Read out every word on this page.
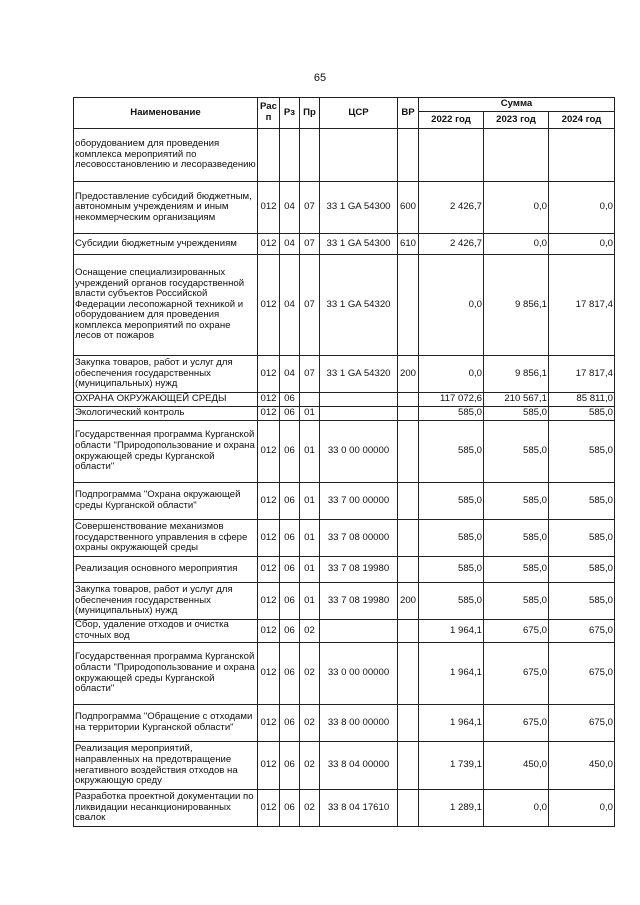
65
Наименование	Рас п	Рз	Пр	ЦСР	ВР	Сумма		
						2022 год	2023 год	2024 год
оборудованием для проведения комплекса мероприятий по лесовосстановлению и лесоразведению								
Предоставление субсидий бюджетным, автономным учреждениям и иным некоммерческим организациям	012	04	07	33 1 GA 54300	600	2 426,7	0,0	0,0
Субсидии бюджетным учреждениям	012	04	07	33 1 GA 54300	610	2 426,7	0,0	0,0
Оснащение специализированных учреждений органов государственной власти субъектов Российской Федерации лесопожарной техникой и оборудованием для проведения комплекса мероприятий по охране лесов от пожаров	012	04	07	33 1 GA 54320		0,0	9 856,1	17 817,4
Закупка товаров, работ и услуг для обеспечения государственных (муниципальных) нужд	012	04	07	33 1 GA 54320	200	0,0	9 856,1	17 817,4
ОХРАНА ОКРУЖАЮЩЕЙ СРЕДЫ	012	06				117 072,6	210 567,1	85 811,0
Экологический контроль	012	06	01			585,0	585,0	585,0
Государственная программа Курганской области "Природопользование и охрана окружающей среды Курганской области"	012	06	01	33 0 00 00000		585,0	585,0	585,0
Подпрограмма "Охрана окружающей среды Курганской области"	012	06	01	33 7 00 00000		585,0	585,0	585,0
Совершенствование механизмов государственного управления в сфере охраны окружающей среды	012	06	01	33 7 08 00000		585,0	585,0	585,0
Реализация основного мероприятия	012	06	01	33 7 08 19980		585,0	585,0	585,0
Закупка товаров, работ и услуг для обеспечения государственных (муниципальных) нужд	012	06	01	33 7 08 19980	200	585,0	585,0	585,0
Сбор, удаление отходов и очистка сточных вод	012	06	02			1 964,1	675,0	675,0
Государственная программа Курганской области "Природопользование и охрана окружающей среды Курганской области"	012	06	02	33 0 00 00000		1 964,1	675,0	675,0
Подпрограмма "Обращение с отходами на территории Курганской области"	012	06	02	33 8 00 00000		1 964,1	675,0	675,0
Реализация мероприятий, направленных на предотвращение негативного воздействия отходов на окружающую среду	012	06	02	33 8 04 00000		1 739,1	450,0	450,0
Разработка проектной документации по ликвидации несанкционированных свалок	012	06	02	33 8 04 17610		1 289,1	0,0	0,0
